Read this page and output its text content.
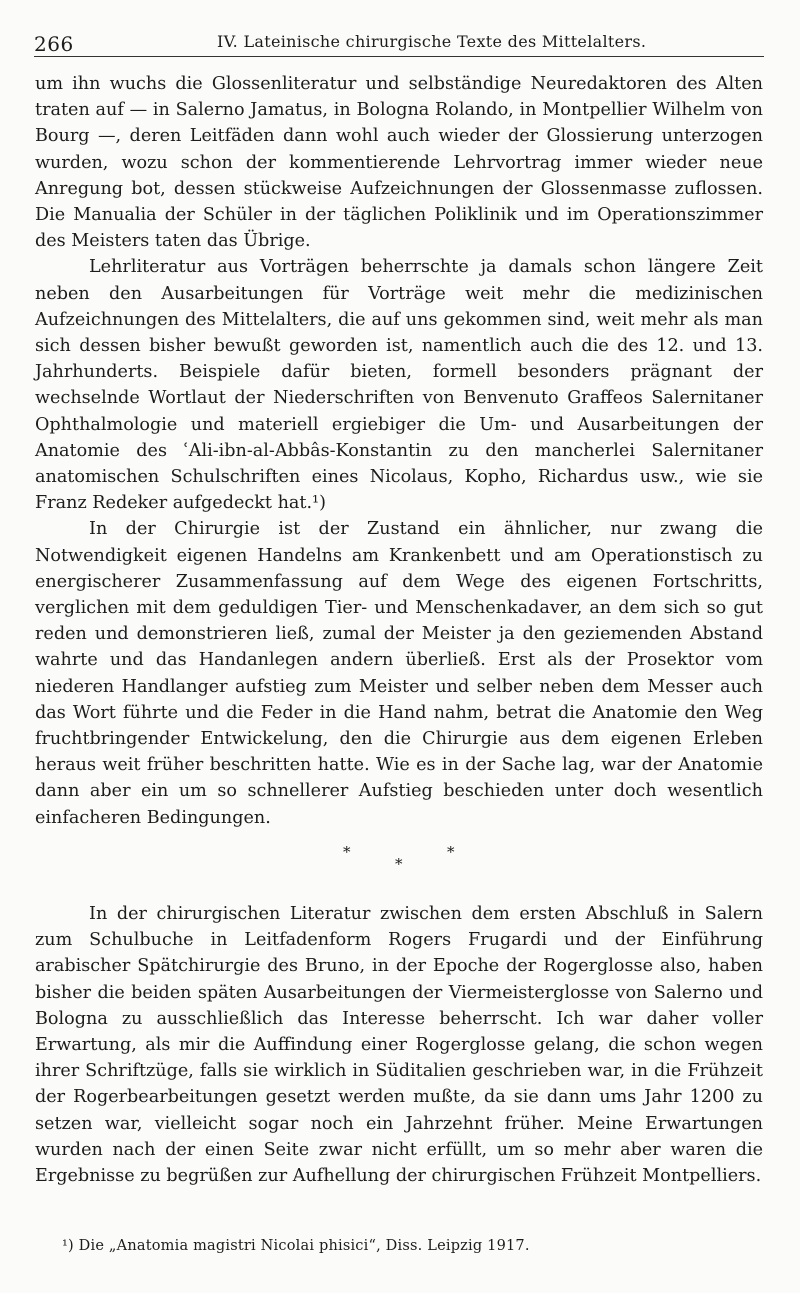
266	IV. Lateinische chirurgische Texte des Mittelalters.

um ihn wuchs die Glossenliteratur und selbständige Neuredaktoren des Alten traten auf — in Salerno Jamatus, in Bologna Rolando, in Montpellier Wilhelm von Bourg —, deren Leitfäden dann wohl auch wieder der Glossierung unterzogen wurden, wozu schon der kommentierende Lehrvortrag immer wieder neue Anregung bot, dessen stückweise Aufzeichnungen der Glossenmasse zuflossen. Die Manualia der Schüler in der täglichen Poliklinik und im Operationszimmer des Meisters taten das Übrige.

Lehrliteratur aus Vorträgen beherrschte ja damals schon längere Zeit neben den Ausarbeitungen für Vorträge weit mehr die medizinischen Aufzeichnungen des Mittelalters, die auf uns gekommen sind, weit mehr als man sich dessen bisher bewußt geworden ist, namentlich auch die des 12. und 13. Jahrhunderts. Beispiele dafür bieten, formell besonders prägnant der wechselnde Wortlaut der Niederschriften von Benvenuto Graffeos Salernitaner Ophthalmologie und materiell ergiebiger die Um- und Ausarbeitungen der Anatomie des ʿAli-ibn-al-Abbâs-Konstantin zu den mancherlei Salernitaner anatomischen Schulschriften eines Nicolaus, Kopho, Richardus usw., wie sie Franz Redeker aufgedeckt hat.¹)

In der Chirurgie ist der Zustand ein ähnlicher, nur zwang die Notwendigkeit eigenen Handelns am Krankenbett und am Operationstisch zu energischerer Zusammenfassung auf dem Wege des eigenen Fortschritts, verglichen mit dem geduldigen Tier- und Menschenkadaver, an dem sich so gut reden und demonstrieren ließ, zumal der Meister ja den geziemenden Abstand wahrte und das Handanlegen andern überließ. Erst als der Prosektor vom niederen Handlanger aufstieg zum Meister und selber neben dem Messer auch das Wort führte und die Feder in die Hand nahm, betrat die Anatomie den Weg fruchtbringender Entwickelung, den die Chirurgie aus dem eigenen Erleben heraus weit früher beschritten hatte. Wie es in der Sache lag, war der Anatomie dann aber ein um so schnellerer Aufstieg beschieden unter doch wesentlich einfacheren Bedingungen.

*
*
*

In der chirurgischen Literatur zwischen dem ersten Abschluß in Salern zum Schulbuche in Leitfadenform Rogers Frugardi und der Einführung arabischer Spätchirurgie des Bruno, in der Epoche der Rogerglosse also, haben bisher die beiden späten Ausarbeitungen der Viermeisterglosse von Salerno und Bologna zu ausschließlich das Interesse beherrscht. Ich war daher voller Erwartung, als mir die Auffindung einer Rogerglosse gelang, die schon wegen ihrer Schriftzüge, falls sie wirklich in Süditalien geschrieben war, in die Frühzeit der Rogerbearbeitungen gesetzt werden mußte, da sie dann ums Jahr 1200 zu setzen war, vielleicht sogar noch ein Jahrzehnt früher. Meine Erwartungen wurden nach der einen Seite zwar nicht erfüllt, um so mehr aber waren die Ergebnisse zu begrüßen zur Aufhellung der chirurgischen Frühzeit Montpelliers.

¹) Die „Anatomia magistri Nicolai phisici“, Diss. Leipzig 1917.
